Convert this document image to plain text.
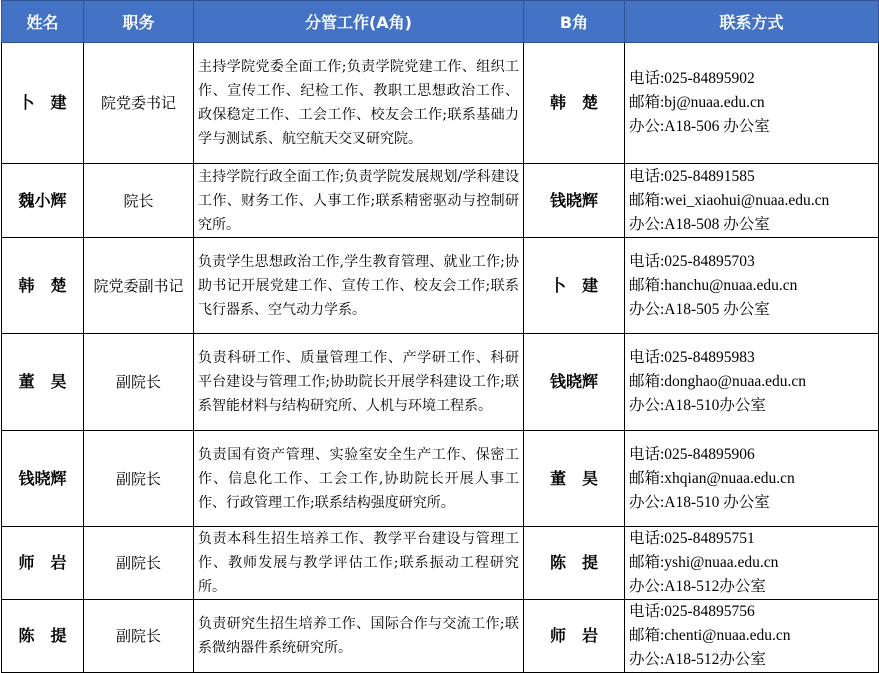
姓名	职务	分管工作(A角)	B角	联系方式
卜　建	院党委书记	主持学院党委全面工作;负责学院党建工作、组织工作、宣传工作、纪检工作、教职工思想政治工作、政保稳定工作、工会工作、校友会工作;联系基础力学与测试系、航空航天交叉研究院。	韩　楚	电话:025-84895902
邮箱:bj@nuaa.edu.cn
办公:A18-506 办公室

魏小辉	院长	主持学院行政全面工作;负责学院发展规划/学科建设工作、财务工作、人事工作;联系精密驱动与控制研究所。	钱晓辉	电话:025-84891585
邮箱:wei_xiaohui@nuaa.edu.cn
办公:A18-508 办公室

韩　楚	院党委副书记	负责学生思想政治工作,学生教育管理、就业工作;协助书记开展党建工作、宣传工作、校友会工作;联系飞行器系、空气动力学系。	卜　建	电话:025-84895703
邮箱:hanchu@nuaa.edu.cn
办公:A18-505 办公室

董　昊	副院长	负责科研工作、质量管理工作、产学研工作、科研平台建设与管理工作;协助院长开展学科建设工作;联系智能材料与结构研究所、人机与环境工程系。	钱晓辉	电话:025-84895983
邮箱:donghao@nuaa.edu.cn
办公:A18-510办公室

钱晓辉	副院长	负责国有资产管理、实验室安全生产工作、保密工作、信息化工作、工会工作,协助院长开展人事工作、行政管理工作;联系结构强度研究所。	董　昊	电话:025-84895906
邮箱:xhqian@nuaa.edu.cn
办公:A18-510 办公室

师　岩	副院长	负责本科生招生培养工作、教学平台建设与管理工作、教师发展与教学评估工作;联系振动工程研究所。	陈　提	电话:025-84895751
邮箱:yshi@nuaa.edu.cn
办公:A18-512办公室

陈　提	副院长	负责研究生招生培养工作、国际合作与交流工作;联系微纳器件系统研究所。	师　岩	电话:025-84895756
邮箱:chenti@nuaa.edu.cn
办公:A18-512办公室
